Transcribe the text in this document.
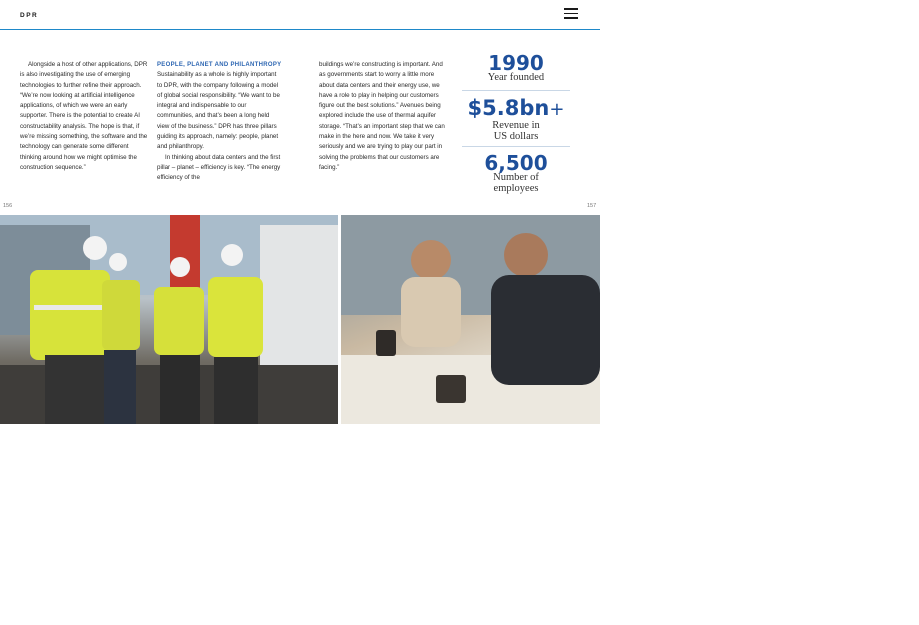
DPR

Alongside a host of other applications, DPR is also investigating the use of emerging technologies to further refine their approach. “We’re now looking at artificial intelligence applications, of which we were an early supporter. There is the potential to create AI constructability analysis. The hope is that, if we’re missing something, the software and the technology can generate some different thinking around how we might optimise the construction sequence.”

PEOPLE, PLANET AND PHILANTHROPY

Sustainability as a whole is highly important to DPR, with the company following a model of global social responsibility. “We want to be integral and indispensable to our communities, and that’s been a long held view of the business.” DPR has three pillars guiding its approach, namely: people, planet and philanthropy.

In thinking about data centers and the first pillar – planet – efficiency is key. “The energy efficiency of the

buildings we’re constructing is important. And as governments start to worry a little more about data centers and their energy use, we have a role to play in helping our customers figure out the best solutions.” Avenues being explored include the use of thermal aquifer storage. “That’s an important step that we can make in the here and now. We take it very seriously and we are trying to play our part in solving the problems that our customers are facing.”

1990
Year founded
$5.8bn+
Revenue in
US dollars
6,500
Number of
employees
156	157
AUGUST 2023	businesschief.eu
